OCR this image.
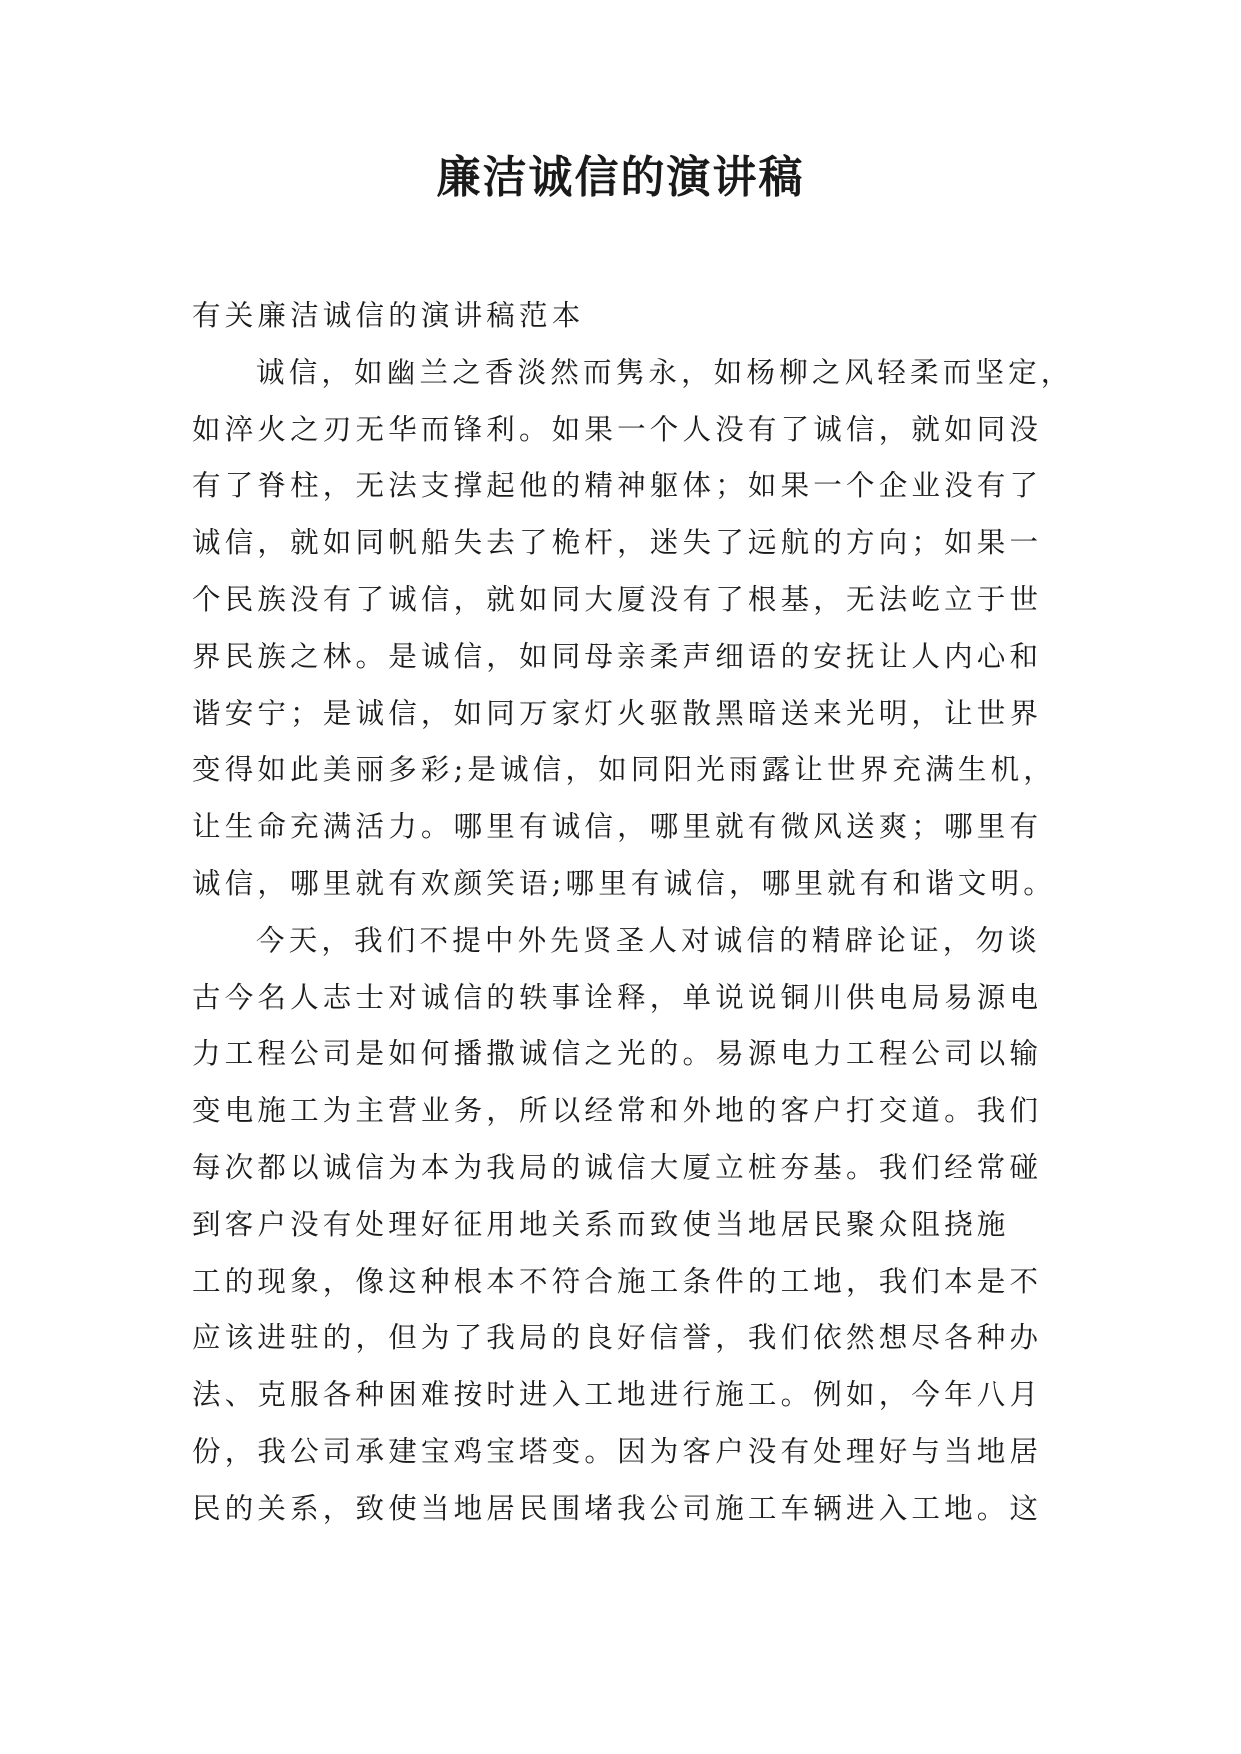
廉洁诚信的演讲稿
有关廉洁诚信的演讲稿范本
诚信，如幽兰之香淡然而隽永，如杨柳之风轻柔而坚定，
如淬火之刃无华而锋利。如果一个人没有了诚信，就如同没
有了脊柱，无法支撑起他的精神躯体；如果一个企业没有了
诚信，就如同帆船失去了桅杆，迷失了远航的方向；如果一
个民族没有了诚信，就如同大厦没有了根基，无法屹立于世
界民族之林。是诚信，如同母亲柔声细语的安抚让人内心和
谐安宁；是诚信，如同万家灯火驱散黑暗送来光明，让世界
变得如此美丽多彩;是诚信，如同阳光雨露让世界充满生机，
让生命充满活力。哪里有诚信，哪里就有微风送爽；哪里有
诚信，哪里就有欢颜笑语;哪里有诚信，哪里就有和谐文明。
今天，我们不提中外先贤圣人对诚信的精辟论证，勿谈
古今名人志士对诚信的轶事诠释，单说说铜川供电局易源电
力工程公司是如何播撒诚信之光的。易源电力工程公司以输
变电施工为主营业务，所以经常和外地的客户打交道。我们
每次都以诚信为本为我局的诚信大厦立桩夯基。我们经常碰
到客户没有处理好征用地关系而致使当地居民聚众阻挠施
工的现象，像这种根本不符合施工条件的工地，我们本是不
应该进驻的，但为了我局的良好信誉，我们依然想尽各种办
法、克服各种困难按时进入工地进行施工。例如，今年八月
份，我公司承建宝鸡宝塔变。因为客户没有处理好与当地居
民的关系，致使当地居民围堵我公司施工车辆进入工地。这
